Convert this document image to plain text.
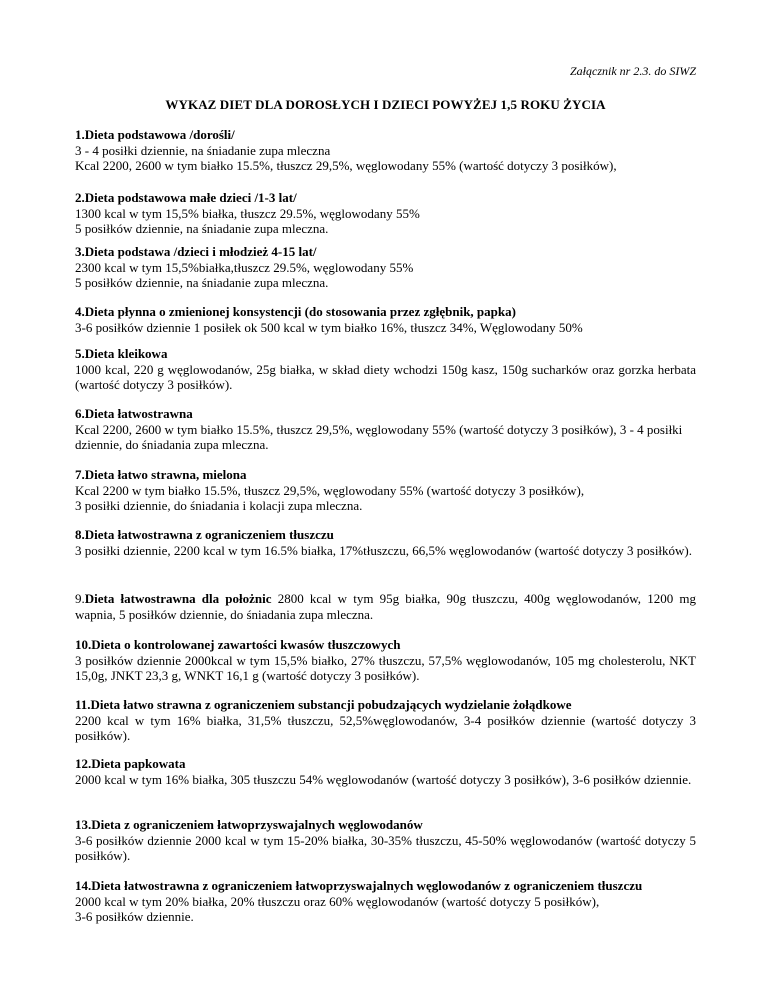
Załącznik nr 2.3. do SIWZ

WYKAZ DIET DLA DOROSŁYCH I DZIECI POWYŻEJ 1,5 ROKU ŻYCIA
1.Dieta podstawowa /dorośli/
3 - 4 posiłki dziennie, na śniadanie zupa mleczna
Kcal 2200, 2600 w tym białko 15.5%, tłuszcz 29,5%, węglowodany 55% (wartość dotyczy 3 posiłków),
2.Dieta podstawowa małe dzieci /1-3 lat/
1300 kcal w tym 15,5% białka, tłuszcz 29.5%, węglowodany 55%
5 posiłków dziennie, na śniadanie zupa mleczna.
3.Dieta podstawa /dzieci i młodzież 4-15 lat/
2300 kcal w tym 15,5%białka,tłuszcz 29.5%, węglowodany 55%
5 posiłków dziennie, na śniadanie zupa mleczna.
4.Dieta płynna o zmienionej konsystencji (do stosowania przez zgłębnik, papka)
3-6 posiłków dziennie 1 posiłek ok 500 kcal w tym białko 16%, tłuszcz 34%, Węglowodany 50%
5.Dieta kleikowa
1000 kcal, 220 g węglowodanów, 25g białka, w skład diety wchodzi 150g kasz, 150g sucharków oraz gorzka herbata (wartość dotyczy 3 posiłków).
6.Dieta łatwostrawna
Kcal 2200, 2600 w tym białko 15.5%, tłuszcz 29,5%, węglowodany 55% (wartość dotyczy 3 posiłków), 3 - 4 posiłki dziennie, do śniadania zupa mleczna.
7.Dieta łatwo strawna, mielona
Kcal 2200 w tym białko 15.5%, tłuszcz 29,5%, węglowodany 55% (wartość dotyczy 3 posiłków),
3 posiłki dziennie, do śniadania i kolacji zupa mleczna.
8.Dieta łatwostrawna z ograniczeniem tłuszczu
3 posiłki dziennie, 2200 kcal w tym 16.5% białka, 17%tłuszczu, 66,5% węglowodanów (wartość dotyczy 3 posiłków).
9.Dieta łatwostrawna dla położnic 2800 kcal w tym 95g białka, 90g tłuszczu, 400g węglowodanów, 1200 mg wapnia, 5 posiłków dziennie, do śniadania zupa mleczna.
10.Dieta o kontrolowanej zawartości kwasów tłuszczowych
3 posiłków dziennie 2000kcal w tym 15,5% białko, 27% tłuszczu, 57,5% węglowodanów, 105 mg cholesterolu, NKT 15,0g, JNKT 23,3 g, WNKT 16,1 g (wartość dotyczy 3 posiłków).
11.Dieta łatwo strawna z ograniczeniem substancji pobudzających wydzielanie żołądkowe
2200 kcal w tym 16% białka, 31,5% tłuszczu, 52,5%węglowodanów, 3-4 posiłków dziennie (wartość dotyczy 3 posiłków).
12.Dieta papkowata
2000 kcal w tym 16% białka, 305 tłuszczu 54% węglowodanów (wartość dotyczy 3 posiłków), 3-6 posiłków dziennie.
13.Dieta z ograniczeniem łatwoprzyswajalnych węglowodanów
3-6 posiłków dziennie 2000 kcal w tym 15-20% białka, 30-35% tłuszczu, 45-50% węglowodanów (wartość dotyczy 5 posiłków).
14.Dieta łatwostrawna z ograniczeniem łatwoprzyswajalnych węglowodanów z ograniczeniem tłuszczu
2000 kcal w tym 20% białka, 20% tłuszczu oraz 60% węglowodanów (wartość dotyczy 5 posiłków),
3-6 posiłków dziennie.
